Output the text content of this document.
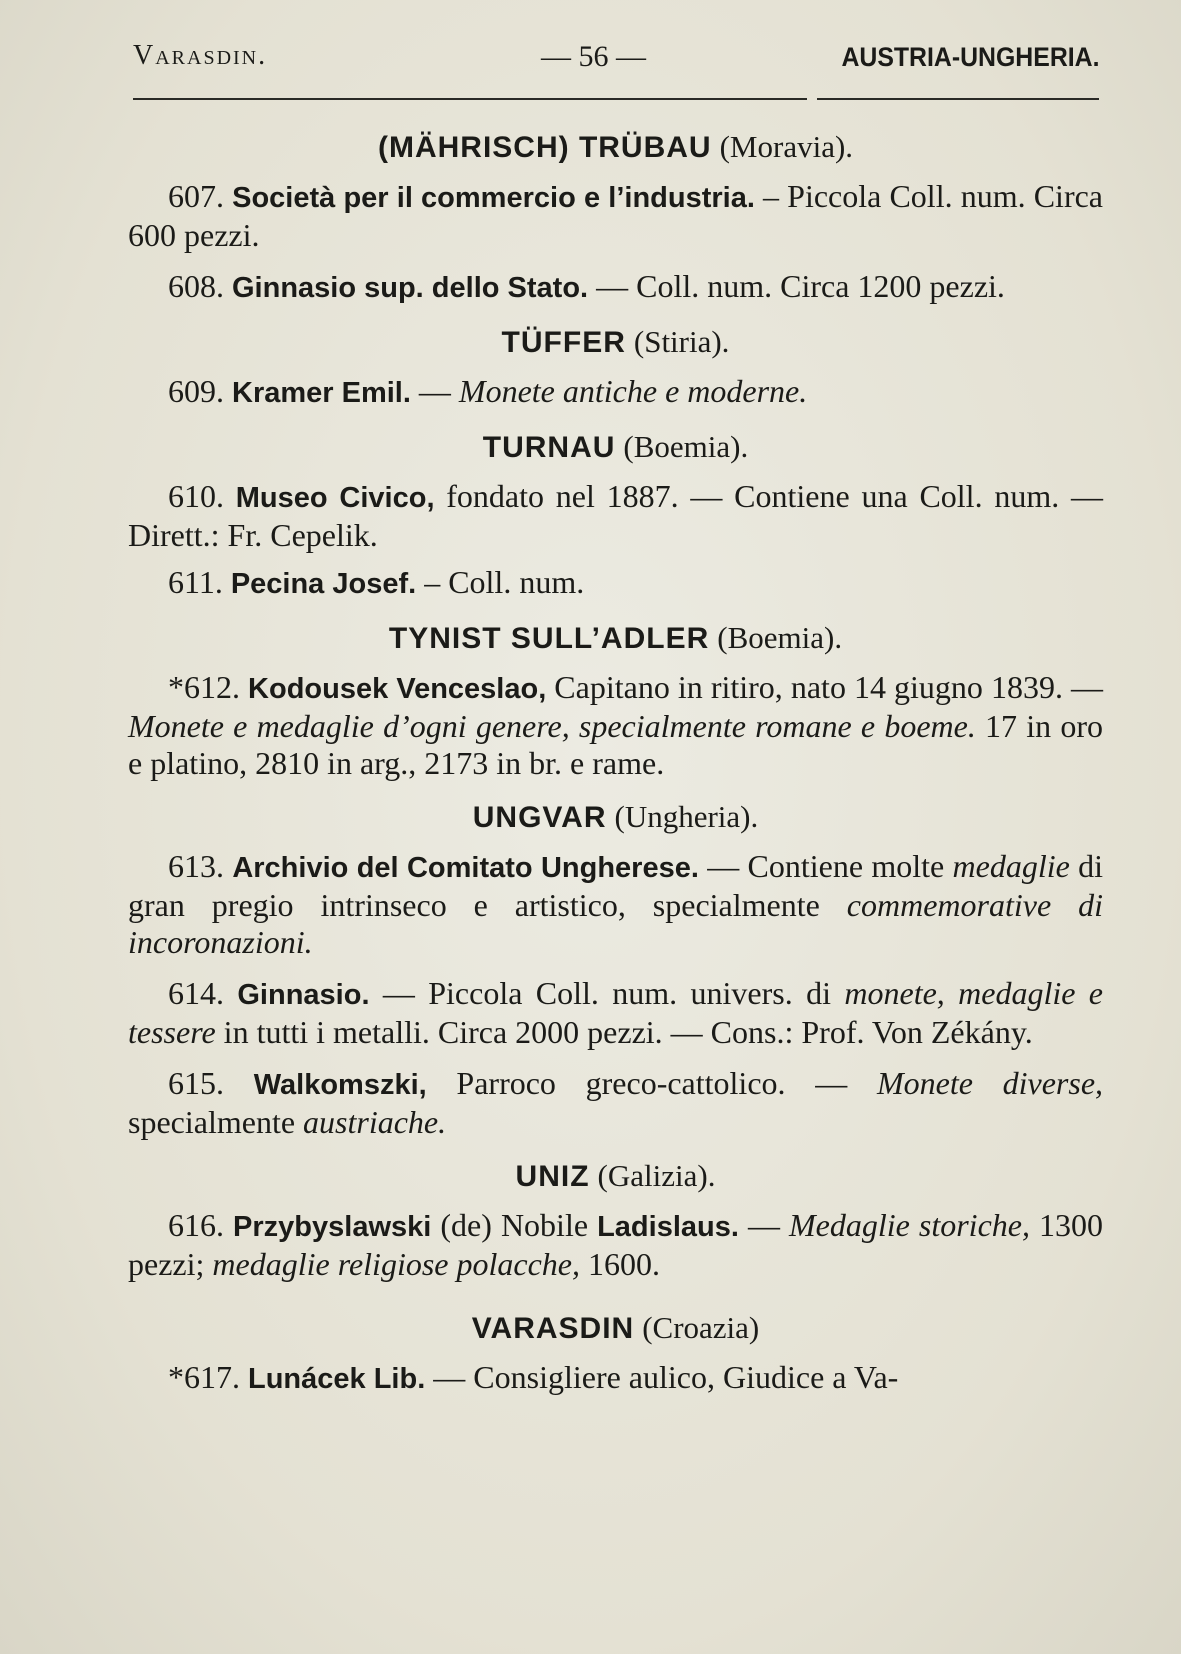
Varasdin.	— 56 —	AUSTRIA-UNGHERIA.

(MÄHRISCH) TRÜBAU (Moravia).

607. Società per il commercio e l’industria. – Piccola Coll. num. Circa 600 pezzi.

608. Ginnasio sup. dello Stato. — Coll. num. Circa 1200 pezzi.

TÜFFER (Stiria).

609. Kramer Emil. — Monete antiche e moderne.

TURNAU (Boemia).

610. Museo Civico, fondato nel 1887. — Contiene una Coll. num. — Dirett.: Fr. Cepelik.

611. Pecina Josef. – Coll. num.

TYNIST SULL’ADLER (Boemia).

*612. Kodousek Venceslao, Capitano in ritiro, nato 14 giugno 1839. — Monete e medaglie d’ogni genere, specialmente romane e boeme. 17 in oro e platino, 2810 in arg., 2173 in br. e rame.

UNGVAR (Ungheria).

613. Archivio del Comitato Ungherese. — Contiene molte medaglie di gran pregio intrinseco e artistico, specialmente commemorative di incoronazioni.

614. Ginnasio. — Piccola Coll. num. univers. di monete, medaglie e tessere in tutti i metalli. Circa 2000 pezzi. — Cons.: Prof. Von Zékány.

615. Walkomszki, Parroco greco-cattolico. — Monete diverse, specialmente austriache.

UNIZ (Galizia).

616. Przybyslawski (de) Nobile Ladislaus. — Medaglie storiche, 1300 pezzi; medaglie religiose polacche, 1600.

VARASDIN (Croazia)

*617. Lunácek Lib. — Consigliere aulico, Giudice a Va-
